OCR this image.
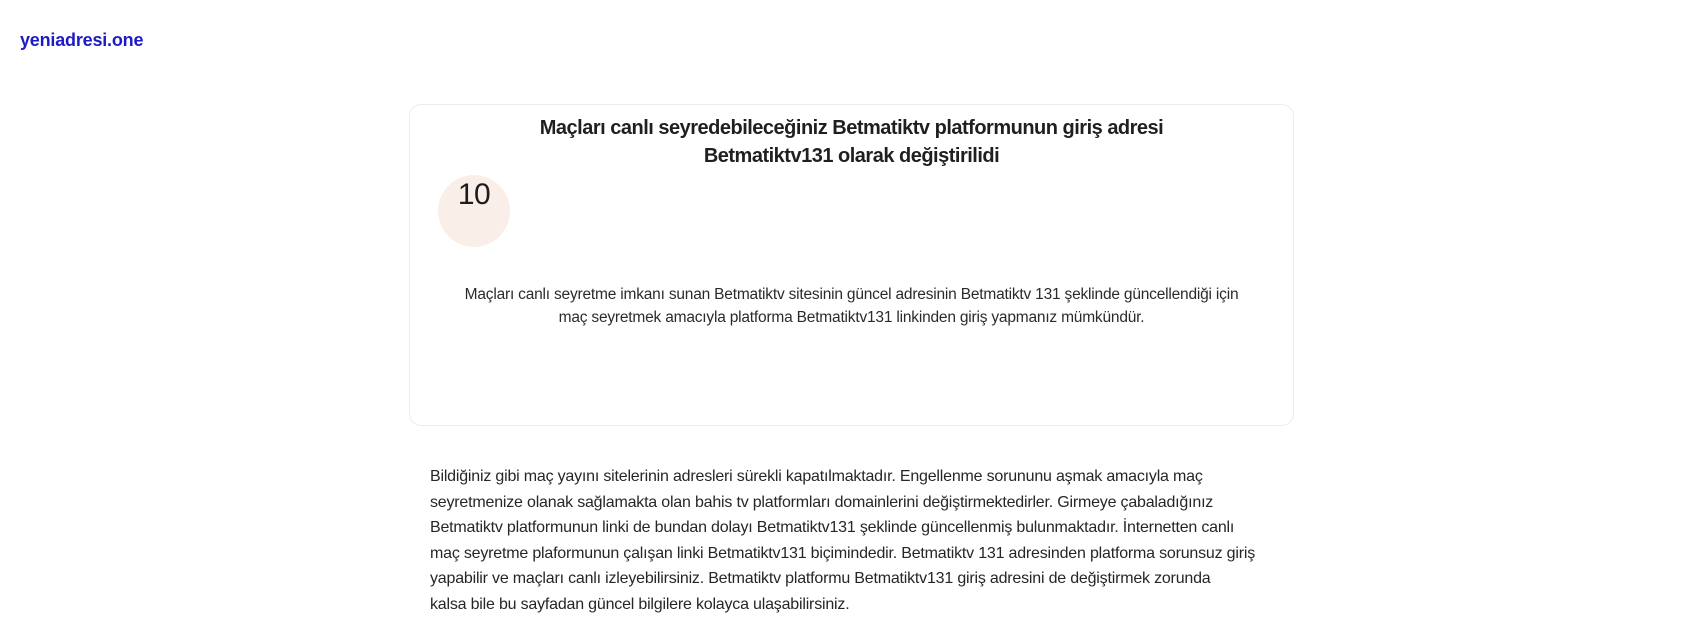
yeniadresi.one
Maçları canlı seyredebileceğiniz Betmatiktv platformunun giriş adresi
Betmatiktv131 olarak değiştirilidi
10
Maçları canlı seyretme imkanı sunan Betmatiktv sitesinin güncel adresinin Betmatiktv 131 şeklinde güncellendiği için
maç seyretmek amacıyla platforma Betmatiktv131 linkinden giriş yapmanız mümkündür.
Bildiğiniz gibi maç yayını sitelerinin adresleri sürekli kapatılmaktadır. Engellenme sorununu aşmak amacıyla maç
seyretmenize olanak sağlamakta olan bahis tv platformları domainlerini değiştirmektedirler. Girmeye çabaladığınız
Betmatiktv platformunun linki de bundan dolayı Betmatiktv131 şeklinde güncellenmiş bulunmaktadır. İnternetten canlı
maç seyretme plaformunun çalışan linki Betmatiktv131 biçimindedir. Betmatiktv 131 adresinden platforma sorunsuz giriş
yapabilir ve maçları canlı izleyebilirsiniz. Betmatiktv platformu Betmatiktv131 giriş adresini de değiştirmek zorunda
kalsa bile bu sayfadan güncel bilgilere kolayca ulaşabilirsiniz.
